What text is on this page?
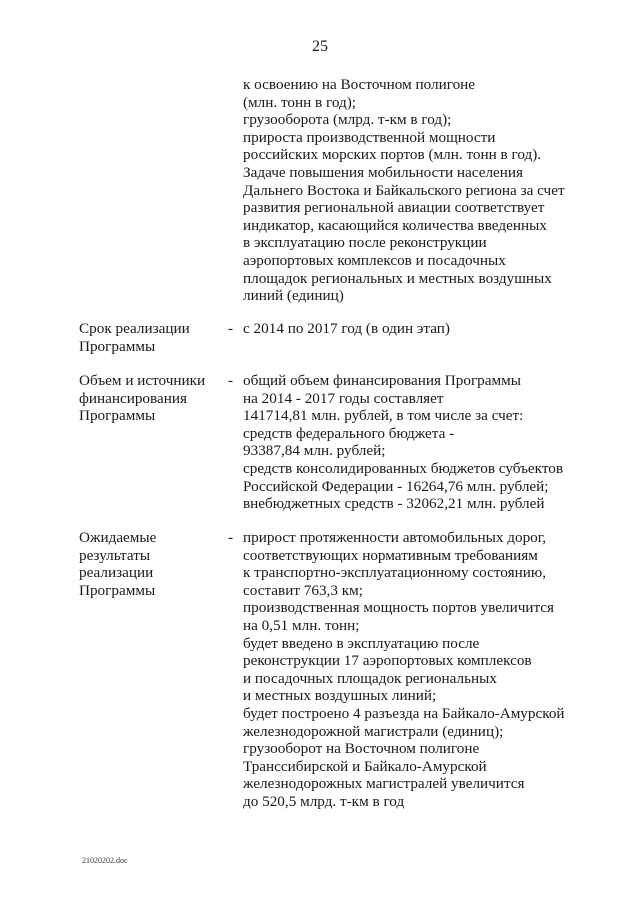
25
к освоению на Восточном полигоне
(млн. тонн в год);
грузооборота (млрд. т-км в год);
прироста производственной мощности
российских морских портов (млн. тонн в год).
Задаче повышения мобильности населения
Дальнего Востока и Байкальского региона за счет
развития региональной авиации соответствует
индикатор, касающийся количества введенных
в эксплуатацию после реконструкции
аэропортовых комплексов и посадочных
площадок региональных и местных воздушных
линий (единиц)
Срок реализации
Программы
- с 2014 по 2017 год (в один этап)
Объем и источники
финансирования
Программы
- общий объем финансирования Программы
на 2014 - 2017 годы составляет
141714,81 млн. рублей, в том числе за счет:
средств федерального бюджета -
93387,84 млн. рублей;
средств консолидированных бюджетов субъектов
Российской Федерации - 16264,76 млн. рублей;
внебюджетных средств - 32062,21 млн. рублей
Ожидаемые
результаты
реализации
Программы
- прирост протяженности автомобильных дорог,
соответствующих нормативным требованиям
к транспортно-эксплуатационному состоянию,
составит 763,3 км;
производственная мощность портов увеличится
на 0,51 млн. тонн;
будет введено в эксплуатацию после
реконструкции 17 аэропортовых комплексов
и посадочных площадок региональных
и местных воздушных линий;
будет построено 4 разъезда на Байкало-Амурской
железнодорожной магистрали (единиц);
грузооборот на Восточном полигоне
Транссибирской и Байкало-Амурской
железнодорожных магистралей увеличится
до 520,5 млрд. т-км в год
21020202.doc
